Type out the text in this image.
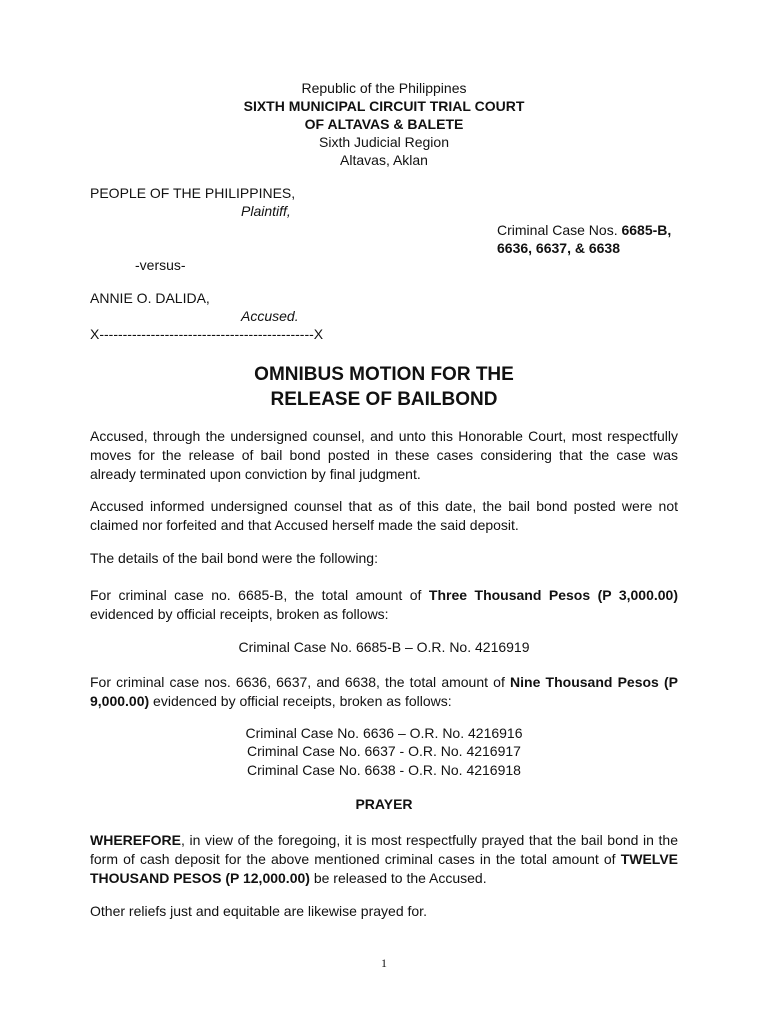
Republic of the Philippines
SIXTH MUNICIPAL CIRCUIT TRIAL COURT
OF ALTAVAS & BALETE
Sixth Judicial Region
Altavas, Aklan
PEOPLE OF THE PHILIPPINES,
Plaintiff,
Criminal Case Nos. 6685-B,
6636, 6637, & 6638
-versus-
ANNIE O. DALIDA,
Accused.
X----------------------------------------------X
OMNIBUS MOTION FOR THE
RELEASE OF BAILBOND
Accused, through the undersigned counsel, and unto this Honorable Court, most respectfully moves for the release of bail bond posted in these cases considering that the case was already terminated upon conviction by final judgment.
Accused informed undersigned counsel that as of this date, the bail bond posted were not claimed nor forfeited and that Accused herself made the said deposit.
The details of the bail bond were the following:
For criminal case no. 6685-B, the total amount of Three Thousand Pesos (P 3,000.00) evidenced by official receipts, broken as follows:
Criminal Case No. 6685-B – O.R. No. 4216919
For criminal case nos. 6636, 6637, and 6638, the total amount of Nine Thousand Pesos (P 9,000.00) evidenced by official receipts, broken as follows:
Criminal Case No. 6636 – O.R. No. 4216916
Criminal Case No. 6637 - O.R. No. 4216917
Criminal Case No. 6638 - O.R. No. 4216918
PRAYER
WHEREFORE, in view of the foregoing, it is most respectfully prayed that the bail bond in the form of cash deposit for the above mentioned criminal cases in the total amount of TWELVE THOUSAND PESOS (P 12,000.00) be released to the Accused.
Other reliefs just and equitable are likewise prayed for.
1
